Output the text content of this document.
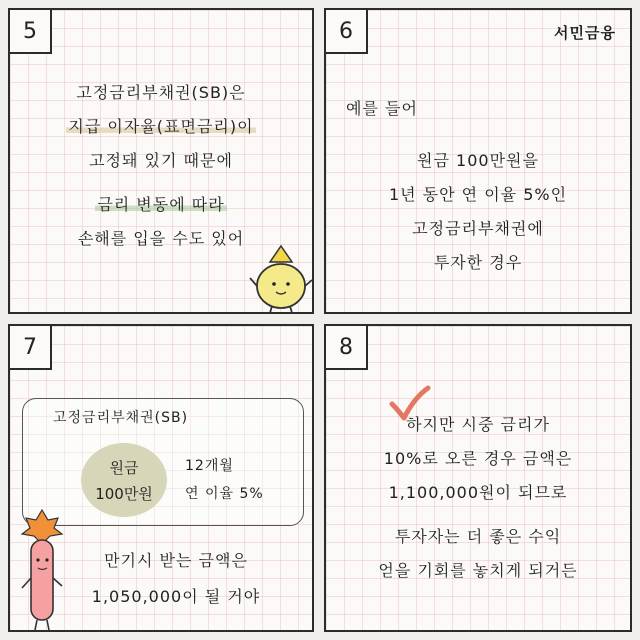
5
고정금리부채권(SB)은
지급 이자율(표면금리)이
고정돼 있기 때문에
금리 변동에 따라
손해를 입을 수도 있어
6	서민금융
예를 들어
원금 100만원을
1년 동안 연 이율 5%인
고정금리부채권에
투자한 경우
7
고정금리부채권(SB)
원금
100만원
12개월
연 이율 5%
만기시 받는 금액은
1,050,000이 될 거야
8
하지만 시중 금리가
10%로 오른 경우 금액은
1,100,000원이 되므로
투자자는 더 좋은 수익
얻을 기회를 놓치게 되거든
